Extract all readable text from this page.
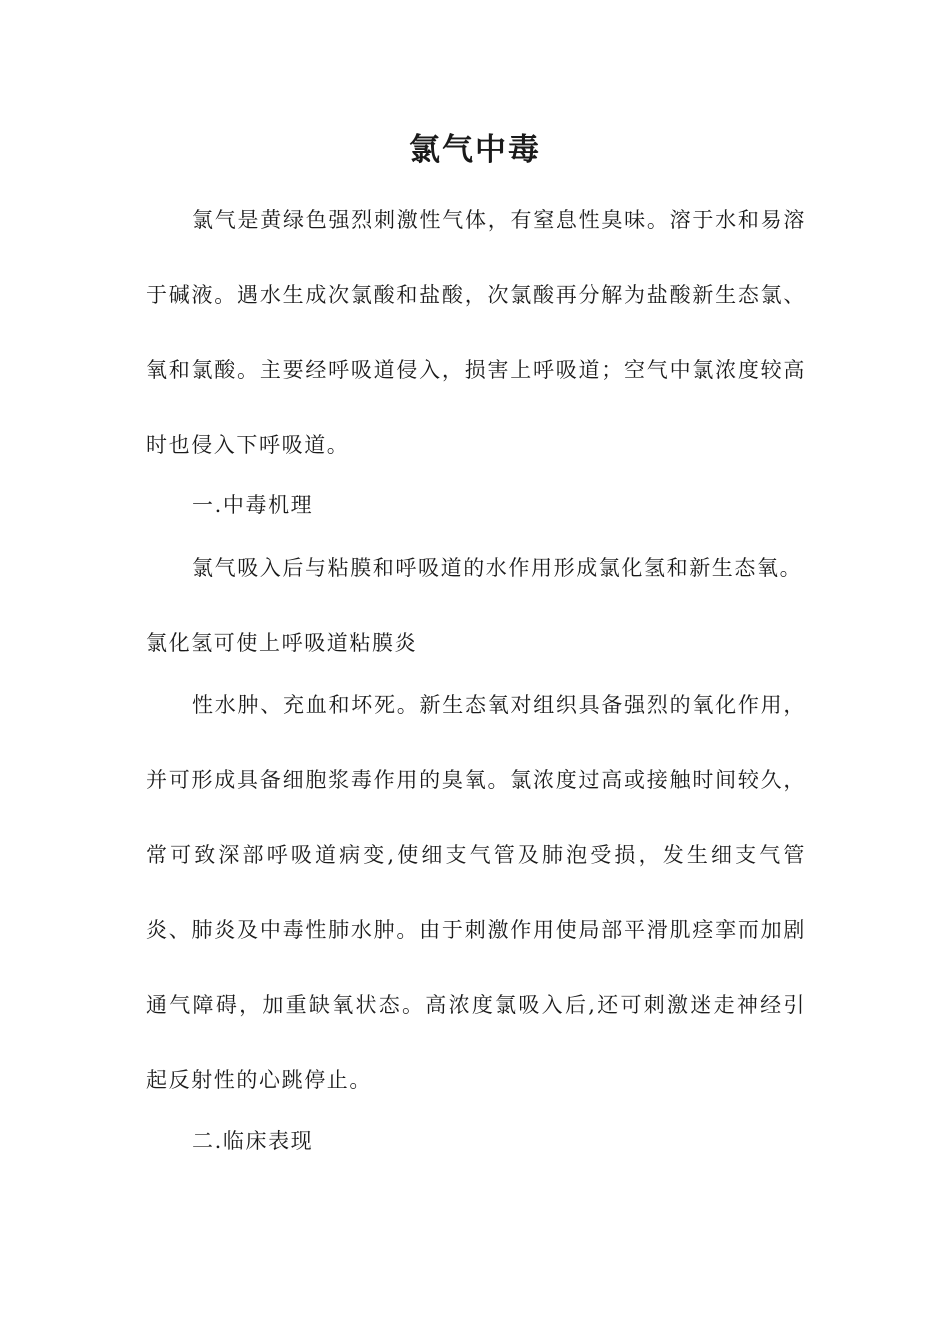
氯气中毒

氯气是黄绿色强烈刺激性气体，有窒息性臭味。溶于水和易溶于碱液。遇水生成次氯酸和盐酸，次氯酸再分解为盐酸新生态氯、氧和氯酸。主要经呼吸道侵入，损害上呼吸道；空气中氯浓度较高时也侵入下呼吸道。

一.中毒机理

氯气吸入后与粘膜和呼吸道的水作用形成氯化氢和新生态氧。

氯化氢可使上呼吸道粘膜炎

性水肿、充血和坏死。新生态氧对组织具备强烈的氧化作用，并可形成具备细胞浆毒作用的臭氧。氯浓度过高或接触时间较久，常可致深部呼吸道病变,使细支气管及肺泡受损，发生细支气管炎、肺炎及中毒性肺水肿。由于刺激作用使局部平滑肌痉挛而加剧通气障碍，加重缺氧状态。高浓度氯吸入后,还可刺激迷走神经引起反射性的心跳停止。

二.临床表现
